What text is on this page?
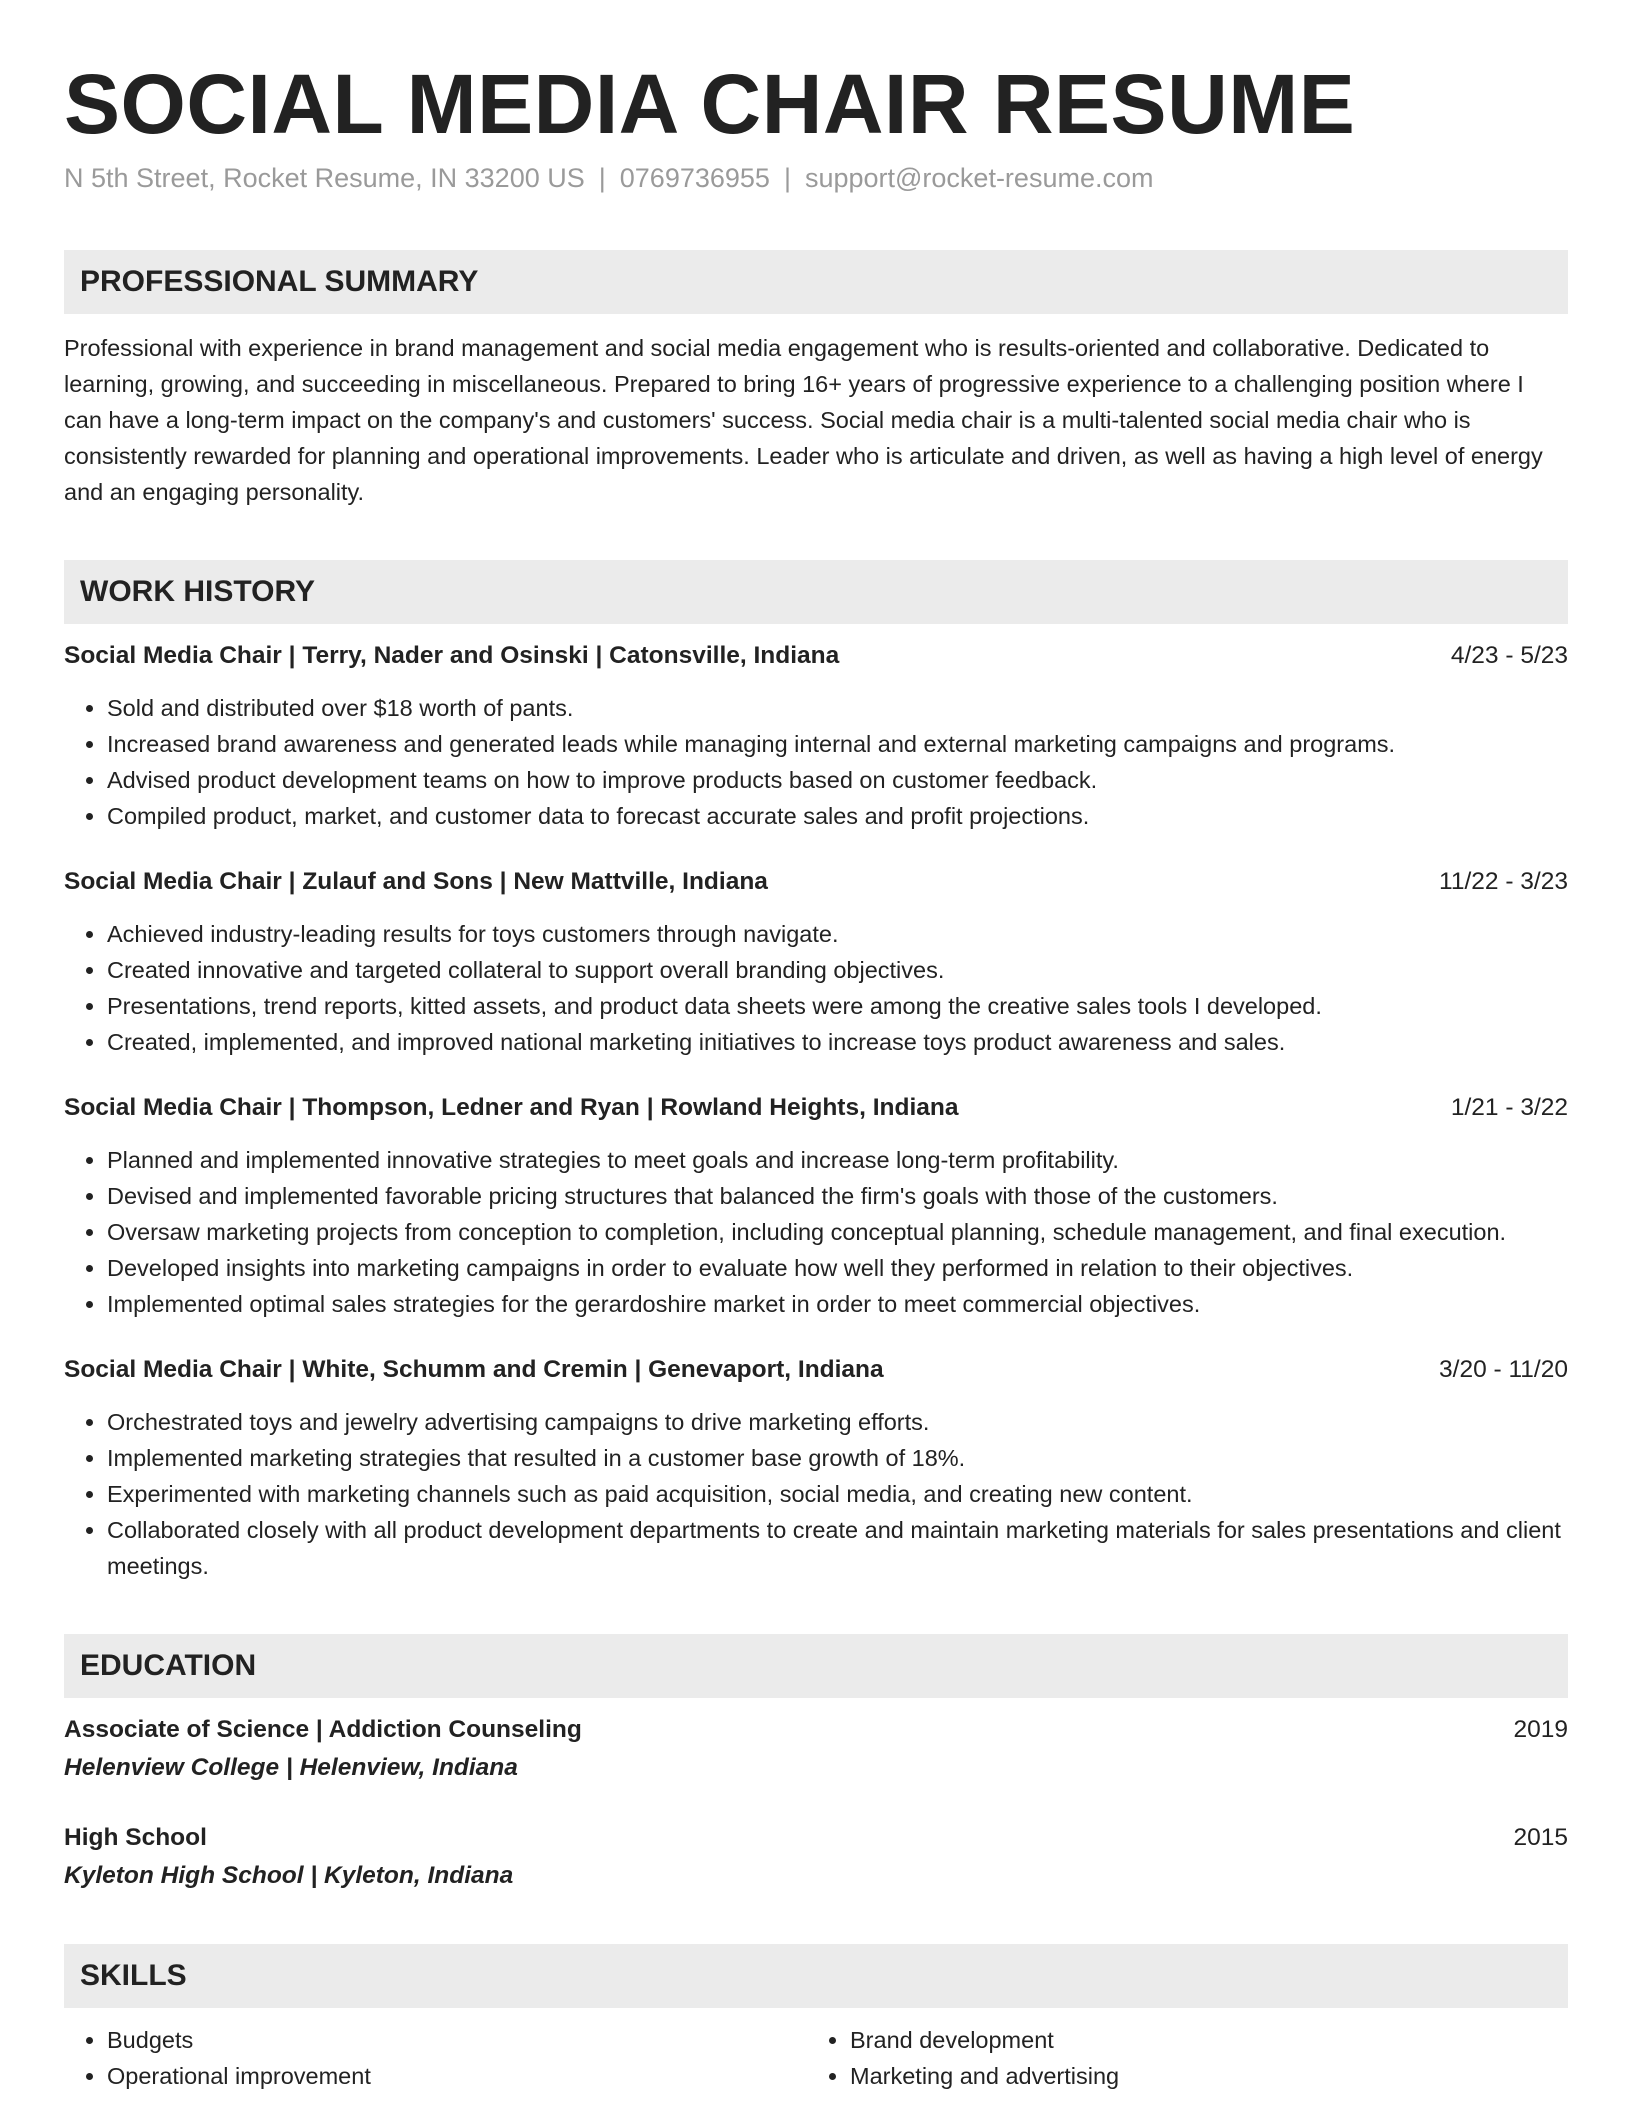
SOCIAL MEDIA CHAIR RESUME
N 5th Street, Rocket Resume, IN 33200 US | 0769736955 | support@rocket-resume.com
PROFESSIONAL SUMMARY
Professional with experience in brand management and social media engagement who is results-oriented and collaborative. Dedicated to learning, growing, and succeeding in miscellaneous. Prepared to bring 16+ years of progressive experience to a challenging position where I can have a long-term impact on the company's and customers' success. Social media chair is a multi-talented social media chair who is consistently rewarded for planning and operational improvements. Leader who is articulate and driven, as well as having a high level of energy and an engaging personality.
WORK HISTORY
Social Media Chair | Terry, Nader and Osinski | Catonsville, Indiana	4/23 - 5/23
• Sold and distributed over $18 worth of pants.
• Increased brand awareness and generated leads while managing internal and external marketing campaigns and programs.
• Advised product development teams on how to improve products based on customer feedback.
• Compiled product, market, and customer data to forecast accurate sales and profit projections.
Social Media Chair | Zulauf and Sons | New Mattville, Indiana	11/22 - 3/23
• Achieved industry-leading results for toys customers through navigate.
• Created innovative and targeted collateral to support overall branding objectives.
• Presentations, trend reports, kitted assets, and product data sheets were among the creative sales tools I developed.
• Created, implemented, and improved national marketing initiatives to increase toys product awareness and sales.
Social Media Chair | Thompson, Ledner and Ryan | Rowland Heights, Indiana	1/21 - 3/22
• Planned and implemented innovative strategies to meet goals and increase long-term profitability.
• Devised and implemented favorable pricing structures that balanced the firm's goals with those of the customers.
• Oversaw marketing projects from conception to completion, including conceptual planning, schedule management, and final execution.
• Developed insights into marketing campaigns in order to evaluate how well they performed in relation to their objectives.
• Implemented optimal sales strategies for the gerardoshire market in order to meet commercial objectives.
Social Media Chair | White, Schumm and Cremin | Genevaport, Indiana	3/20 - 11/20
• Orchestrated toys and jewelry advertising campaigns to drive marketing efforts.
• Implemented marketing strategies that resulted in a customer base growth of 18%.
• Experimented with marketing channels such as paid acquisition, social media, and creating new content.
• Collaborated closely with all product development departments to create and maintain marketing materials for sales presentations and client meetings.
EDUCATION
Associate of Science | Addiction Counseling	2019
Helenview College | Helenview, Indiana
High School	2015
Kyleton High School | Kyleton, Indiana
SKILLS
• Budgets
• Operational improvement
• Brand development
• Marketing and advertising
